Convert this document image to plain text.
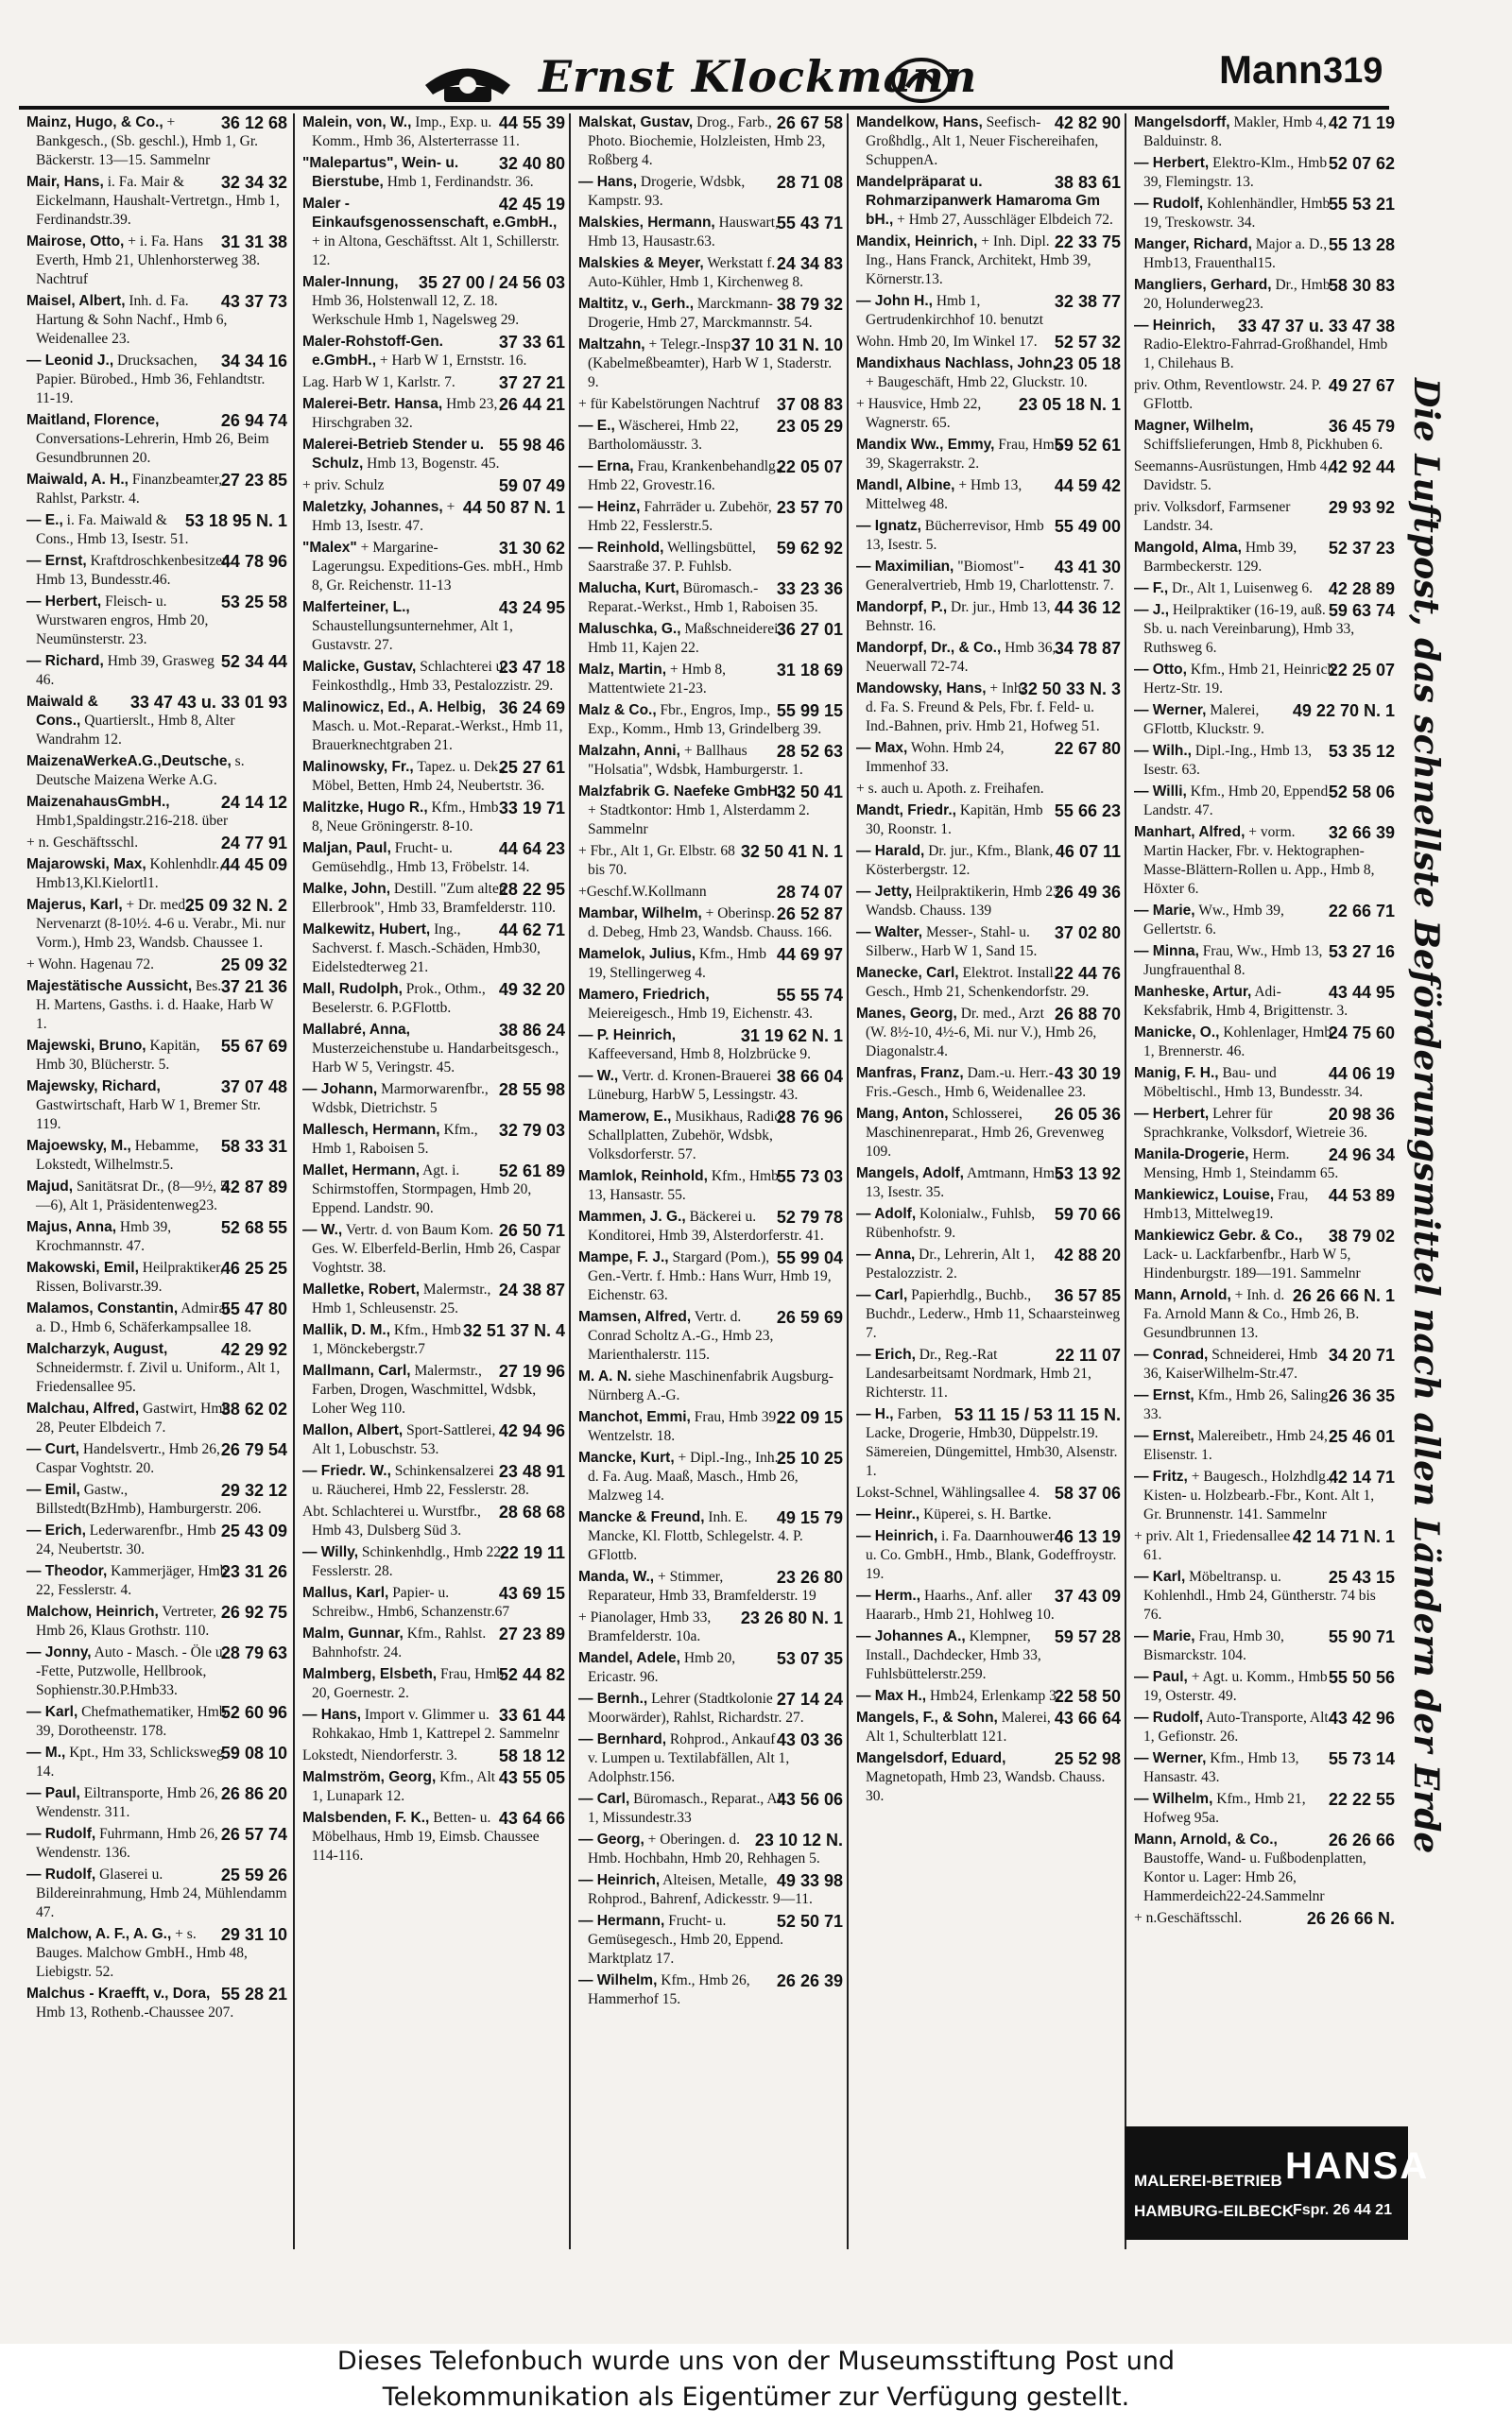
Ernst Klockmann	Mann 319

36 12 68
Mainz, Hugo, & Co., + Bankgesch., (Sb. geschl.), Hmb 1, Gr. Bäckerstr. 13—15. Sammelnr

32 34 32
Mair, Hans, i. Fa. Mair & Eickelmann, Haushalt-Vertretgn., Hmb 1, Ferdinandstr.39.

31 31 38
Mairose, Otto, + i. Fa. Hans Everth, Hmb 21, Uhlenhorsterweg 38. Nachtruf

43 37 73
Maisel, Albert, Inh. d. Fa. Hartung & Sohn Nachf., Hmb 6, Weidenallee 23.

34 34 16
— Leonid J., Drucksachen, Papier. Bürobed., Hmb 36, Fehlandtstr. 11-19.

26 94 74
Maitland, Florence, Conversations-Lehrerin, Hmb 26, Beim Gesundbrunnen 20.

27 23 85
Maiwald, A. H., Finanzbeamter, Rahlst, Parkstr. 4.

53 18 95 N. 1
— E., i. Fa. Maiwald & Cons., Hmb 13, Isestr. 51.

44 78 96
— Ernst, Kraftdroschkenbesitzer, Hmb 13, Bundesstr.46.

53 25 58
— Herbert, Fleisch- u. Wurstwaren engros, Hmb 20, Neumünsterstr. 23.

52 34 44
— Richard, Hmb 39, Grasweg 46.

33 47 43 u. 33 01 93
Maiwald & Cons., Quartierslt., Hmb 8, Alter Wandrahm 12.

MaizenaWerkeA.G.,Deutsche, s. Deutsche Maizena Werke A.G.

24 14 12
MaizenahausGmbH., Hmb1,Spaldingstr.216-218. über

24 77 91
+ n. Geschäftsschl.

44 45 09
Majarowski, Max, Kohlenhdlr., Hmb13,Kl.Kielortl1.

25 09 32 N. 2
Majerus, Karl, + Dr. med., Nervenarzt (8-10½. 4-6 u. Verabr., Mi. nur Vorm.), Hmb 23, Wandsb. Chaussee 1.

25 09 32
+ Wohn. Hagenau 72.

37 21 36
Majestätische Aussicht, Bes. H. Martens, Gasths. i. d. Haake, Harb W 1.

55 67 69
Majewski, Bruno, Kapitän, Hmb 30, Blücherstr. 5.

37 07 48
Majewsky, Richard, Gastwirtschaft, Harb W 1, Bremer Str. 119.

58 33 31
Majoewsky, M., Hebamme, Lokstedt, Wilhelmstr.5.

42 87 89
Majud, Sanitätsrat Dr., (8—9½, 5—6), Alt 1, Präsidentenweg23.

52 68 55
Majus, Anna, Hmb 39, Krochmannstr. 47.

46 25 25
Makowski, Emil, Heilpraktiker, Rissen, Bolivarstr.39.

55 47 80
Malamos, Constantin, Admiral a. D., Hmb 6, Schäferkampsallee 18.

42 29 92
Malcharzyk, August, Schneidermstr. f. Zivil u. Uniform., Alt 1, Friedensallee 95.

38 62 02
Malchau, Alfred, Gastwirt, Hmb 28, Peuter Elbdeich 7.

26 79 54
— Curt, Handelsvertr., Hmb 26, Caspar Voghtstr. 20.

29 32 12
— Emil, Gastw., Billstedt(BzHmb), Hamburgerstr. 206.

25 43 09
— Erich, Lederwarenfbr., Hmb 24, Neubertstr. 30.

23 31 26
— Theodor, Kammerjäger, Hmb 22, Fesslerstr. 4.

26 92 75
Malchow, Heinrich, Vertreter, Hmb 26, Klaus Grothstr. 110.

28 79 63
— Jonny, Auto - Masch. - Öle u. -Fette, Putzwolle, Hellbrook, Sophienstr.30.P.Hmb33.

52 60 96
— Karl, Chefmathematiker, Hmb 39, Dorotheenstr. 178.

59 08 10
— M., Kpt., Hm 33, Schlicksweg 14.

26 86 20
— Paul, Eiltransporte, Hmb 26, Wendenstr. 311.

26 57 74
— Rudolf, Fuhrmann, Hmb 26, Wendenstr. 136.

25 59 26
— Rudolf, Glaserei u. Bildereinrahmung, Hmb 24, Mühlendamm 47.

29 31 10
Malchow, A. F., A. G., + s. Bauges. Malchow GmbH., Hmb 48, Liebigstr. 52.

55 28 21
Malchus - Kraefft, v., Dora, Hmb 13, Rothenb.-Chaussee 207.

44 55 39
Malein, von, W., Imp., Exp. u. Komm., Hmb 36, Alsterterrasse 11.

32 40 80
"Malepartus", Wein- u. Bierstube, Hmb 1, Ferdinandstr. 36.

42 45 19
Maler - Einkaufsgenossenschaft, e.GmbH., + in Altona, Geschäftsst. Alt 1, Schillerstr. 12.

35 27 00 / 24 56 03
Maler-Innung, Hmb 36, Holstenwall 12, Z. 18. Werkschule Hmb 1, Nagelsweg 29.

37 33 61
Maler-Rohstoff-Gen. e.GmbH., + Harb W 1, Ernststr. 16.

37 27 21
Lag. Harb W 1, Karlstr. 7.

26 44 21
Malerei-Betr. Hansa, Hmb 23, Hirschgraben 32.

55 98 46
Malerei-Betrieb Stender u. Schulz, Hmb 13, Bogenstr. 45.

59 07 49
+ priv. Schulz

44 50 87 N. 1
Maletzky, Johannes, + Hmb 13, Isestr. 47.

31 30 62
"Malex" + Margarine-Lagerungsu. Expeditions-Ges. mbH., Hmb 8, Gr. Reichenstr. 11-13

43 24 95
Malferteiner, L., Schaustellungsunternehmer, Alt 1, Gustavstr. 27.

23 47 18
Malicke, Gustav, Schlachterei u. Feinkosthdlg., Hmb 33, Pestalozzistr. 29.

36 24 69
Malinowicz, Ed., A. Helbig, Masch. u. Mot.-Reparat.-Werkst., Hmb 11, Brauerknechtgraben 21.

25 27 61
Malinowsky, Fr., Tapez. u. Dek., Möbel, Betten, Hmb 24, Neubertstr. 36.

33 19 71
Malitzke, Hugo R., Kfm., Hmb 8, Neue Gröningerstr. 8-10.

44 64 23
Maljan, Paul, Frucht- u. Gemüsehdlg., Hmb 13, Fröbelstr. 14.

28 22 95
Malke, John, Destill. "Zum alten Ellerbrook", Hmb 33, Bramfelderstr. 110.

44 62 71
Malkewitz, Hubert, Ing., Sachverst. f. Masch.-Schäden, Hmb30, Eidelstedterweg 21.

49 32 20
Mall, Rudolph, Prok., Othm., Beselerstr. 6. P.GFlottb.

38 86 24
Mallabré, Anna, Musterzeichenstube u. Handarbeitsgesch., Harb W 5, Veringstr. 45.

28 55 98
— Johann, Marmorwarenfbr., Wdsbk, Dietrichstr. 5

32 79 03
Mallesch, Hermann, Kfm., Hmb 1, Raboisen 5.

52 61 89
Mallet, Hermann, Agt. i. Schirmstoffen, Stormpagen, Hmb 20, Eppend. Landstr. 90.

26 50 71
— W., Vertr. d. von Baum Kom. Ges. W. Elberfeld-Berlin, Hmb 26, Caspar Voghtstr. 38.

24 38 87
Malletke, Robert, Malermstr., Hmb 1, Schleusenstr. 25.

32 51 37 N. 4
Mallik, D. M., Kfm., Hmb 1, Mönckebergstr.7

27 19 96
Mallmann, Carl, Malermstr., Farben, Drogen, Waschmittel, Wdsbk, Loher Weg 110.

42 94 96
Mallon, Albert, Sport-Sattlerei, Alt 1, Lobuschstr. 53.

23 48 91
— Friedr. W., Schinkensalzerei u. Räucherei, Hmb 22, Fesslerstr. 28.

28 68 68
Abt. Schlachterei u. Wurstfbr., Hmb 43, Dulsberg Süd 3.

22 19 11
— Willy, Schinkenhdlg., Hmb 22, Fesslerstr. 28.

43 69 15
Mallus, Karl, Papier- u. Schreibw., Hmb6, Schanzenstr.67

27 23 89
Malm, Gunnar, Kfm., Rahlst. Bahnhofstr. 24.

52 44 82
Malmberg, Elsbeth, Frau, Hmb 20, Goernestr. 2.

33 61 44
— Hans, Import v. Glimmer u. Rohkakao, Hmb 1, Kattrepel 2. Sammelnr

58 18 12
Lokstedt, Niendorferstr. 3.

43 55 05
Malmström, Georg, Kfm., Alt 1, Lunapark 12.

43 64 66
Malsbenden, F. K., Betten- u. Möbelhaus, Hmb 19, Eimsb. Chaussee 114-116.

26 67 58
Malskat, Gustav, Drog., Farb., Photo. Biochemie, Holzleisten, Hmb 23, Roßberg 4.

28 71 08
— Hans, Drogerie, Wdsbk, Kampstr. 93.

55 43 71
Malskies, Hermann, Hauswart, Hmb 13, Hausastr.63.

24 34 83
Malskies & Meyer, Werkstatt f. Auto-Kühler, Hmb 1, Kirchenweg 8.

38 79 32
Maltitz, v., Gerh., Marckmann-Drogerie, Hmb 27, Marckmannstr. 54.

37 10 31 N. 10
Maltzahn, + Telegr.-Insp. (Kabelmeßbeamter), Harb W 1, Staderstr. 9.

37 08 83
+ für Kabelstörungen Nachtruf

23 05 29
— E., Wäscherei, Hmb 22, Bartholomäusstr. 3.

22 05 07
— Erna, Frau, Krankenbehandlg., Hmb 22, Grovestr.16.

23 57 70
— Heinz, Fahrräder u. Zubehör, Hmb 22, Fesslerstr.5.

59 62 92
— Reinhold, Wellingsbüttel, Saarstraße 37. P. Fuhlsb.

33 23 36
Malucha, Kurt, Büromasch.-Reparat.-Werkst., Hmb 1, Raboisen 35.

36 27 01
Maluschka, G., Maßschneiderei, Hmb 11, Kajen 22.

31 18 69
Malz, Martin, + Hmb 8, Mattentwiete 21-23.

55 99 15
Malz & Co., Fbr., Engros, Imp., Exp., Komm., Hmb 13, Grindelberg 39.

28 52 63
Malzahn, Anni, + Ballhaus "Holsatia", Wdsbk, Hamburgerstr. 1.

32 50 41
Malzfabrik G. Naefeke GmbH., + Stadtkontor: Hmb 1, Alsterdamm 2. Sammelnr

32 50 41 N. 1
+ Fbr., Alt 1, Gr. Elbstr. 68 bis 70.

28 74 07
+Geschf.W.Kollmann

26 52 87
Mambar, Wilhelm, + Oberinsp. d. Debeg, Hmb 23, Wandsb. Chauss. 166.

44 69 97
Mamelok, Julius, Kfm., Hmb 19, Stellingerweg 4.

55 55 74
Mamero, Friedrich, Meiereigesch., Hmb 19, Eichenstr. 43.

31 19 62 N. 1
— P. Heinrich, Kaffeeversand, Hmb 8, Holzbrücke 9.

38 66 04
— W., Vertr. d. Kronen-Brauerei Lüneburg, HarbW 5, Lessingstr. 43.

28 76 96
Mamerow, E., Musikhaus, Radio, Schallplatten, Zubehör, Wdsbk, Volksdorferstr. 57.

55 73 03
Mamlok, Reinhold, Kfm., Hmb 13, Hansastr. 55.

52 79 78
Mammen, J. G., Bäckerei u. Konditorei, Hmb 39, Alsterdorferstr. 41.

55 99 04
Mampe, F. J., Stargard (Pom.), Gen.-Vertr. f. Hmb.: Hans Wurr, Hmb 19, Eichenstr. 63.

26 59 69
Mamsen, Alfred, Vertr. d. Conrad Scholtz A.-G., Hmb 23, Marienthalerstr. 115.

M. A. N. siehe Maschinenfabrik Augsburg-Nürnberg A.-G.

22 09 15
Manchot, Emmi, Frau, Hmb 39, Wentzelstr. 18.

25 10 25
Mancke, Kurt, + Dipl.-Ing., Inh. d. Fa. Aug. Maaß, Masch., Hmb 26, Malzweg 14.

49 15 79
Mancke & Freund, Inh. E. Mancke, Kl. Flottb, Schlegelstr. 4. P. GFlottb.

23 26 80
Manda, W., + Stimmer, Reparateur, Hmb 33, Bramfelderstr. 19

23 26 80 N. 1
+ Pianolager, Hmb 33, Bramfelderstr. 10a.

53 07 35
Mandel, Adele, Hmb 20, Ericastr. 96.

27 14 24
— Bernh., Lehrer (Stadtkolonie Moorwärder), Rahlst, Richardstr. 27.

43 03 36
— Bernhard, Rohprod., Ankauf v. Lumpen u. Textilabfällen, Alt 1, Adolphstr.156.

43 56 06
— Carl, Büromasch., Reparat., Alt 1, Missundestr.33

23 10 12 N.
— Georg, + Oberingen. d. Hmb. Hochbahn, Hmb 20, Rehhagen 5.

49 33 98
— Heinrich, Alteisen, Metalle, Rohprod., Bahrenf, Adickesstr. 9—11.

52 50 71
— Hermann, Frucht- u. Gemüsegesch., Hmb 20, Eppend. Marktplatz 17.

26 26 39
— Wilhelm, Kfm., Hmb 26, Hammerhof 15.

42 82 90
Mandelkow, Hans, Seefisch-Großhdlg., Alt 1, Neuer Fischereihafen, SchuppenA.

38 83 61
Mandelpräparat u. Rohmarzipanwerk Hamaroma Gm bH., + Hmb 27, Ausschläger Elbdeich 72.

22 33 75
Mandix, Heinrich, + Inh. Dipl. Ing., Hans Franck, Architekt, Hmb 39, Körnerstr.13.

32 38 77
— John H., Hmb 1, Gertrudenkirchhof 10. benutzt

52 57 32
Wohn. Hmb 20, Im Winkel 17.

23 05 18
Mandixhaus Nachlass, John, + Baugeschäft, Hmb 22, Gluckstr. 10.

23 05 18 N. 1
+ Hausvice, Hmb 22, Wagnerstr. 65.

59 52 61
Mandix Ww., Emmy, Frau, Hmb 39, Skagerrakstr. 2.

44 59 42
Mandl, Albine, + Hmb 13, Mittelweg 48.

55 49 00
— Ignatz, Bücherrevisor, Hmb 13, Isestr. 5.

43 41 30
— Maximilian, "Biomost"-Generalvertrieb, Hmb 19, Charlottenstr. 7.

44 36 12
Mandorpf, P., Dr. jur., Hmb 13, Behnstr. 16.

34 78 87
Mandorpf, Dr., & Co., Hmb 36, Neuerwall 72-74.

32 50 33 N. 3
Mandowsky, Hans, + Inh. d. Fa. S. Freund & Pels, Fbr. f. Feld- u. Ind.-Bahnen, priv. Hmb 21, Hofweg 51.

22 67 80
— Max, Wohn. Hmb 24, Immenhof 33.

+ s. auch u. Apoth. z. Freihafen.

55 66 23
Mandt, Friedr., Kapitän, Hmb 30, Roonstr. 1.

46 07 11
— Harald, Dr. jur., Kfm., Blank, Kösterbergstr. 12.

26 49 36
— Jetty, Heilpraktikerin, Hmb 23, Wandsb. Chauss. 139

37 02 80
— Walter, Messer-, Stahl- u. Silberw., Harb W 1, Sand 15.

22 44 76
Manecke, Carl, Elektrot. Install.-Gesch., Hmb 21, Schenkendorfstr. 29.

26 88 70
Manes, Georg, Dr. med., Arzt (W. 8½-10, 4½-6, Mi. nur V.), Hmb 26, Diagonalstr.4.

43 30 19
Manfras, Franz, Dam.-u. Herr.-Fris.-Gesch., Hmb 6, Weidenallee 23.

26 05 36
Mang, Anton, Schlosserei, Maschinenreparat., Hmb 26, Grevenweg 109.

53 13 92
Mangels, Adolf, Amtmann, Hmb 13, Isestr. 35.

59 70 66
— Adolf, Kolonialw., Fuhlsb, Rübenhofstr. 9.

42 88 20
— Anna, Dr., Lehrerin, Alt 1, Pestalozzistr. 2.

36 57 85
— Carl, Papierhdlg., Buchb., Buchdr., Lederw., Hmb 11, Schaarsteinweg 7.

22 11 07
— Erich, Dr., Reg.-Rat Landesarbeitsamt Nordmark, Hmb 21, Richterstr. 11.

53 11 15 / 53 11 15 N.
— H., Farben, Lacke, Drogerie, Hmb30, Düppelstr.19. Sämereien, Düngemittel, Hmb30, Alsenstr. 1.

58 37 06
Lokst-Schnel, Wählingsallee 4.

— Heinr., Küperei, s. H. Bartke.

46 13 19
— Heinrich, i. Fa. Daarnhouwer u. Co. GmbH., Hmb., Blank, Godeffroystr. 19.

37 43 09
— Herm., Haarhs., Anf. aller Haararb., Hmb 21, Hohlweg 10.

59 57 28
— Johannes A., Klempner, Install., Dachdecker, Hmb 33, Fuhlsbüttelerstr.259.

22 58 50
— Max H., Hmb24, Erlenkamp 3.

43 66 64
Mangels, F., & Sohn, Malerei, Alt 1, Schulterblatt 121.

25 52 98
Mangelsdorf, Eduard, Magnetopath, Hmb 23, Wandsb. Chauss. 30.

42 71 19
Mangelsdorff, Makler, Hmb 4, Balduinstr. 8.

52 07 62
— Herbert, Elektro-Klm., Hmb 39, Flemingstr. 13.

55 53 21
— Rudolf, Kohlenhändler, Hmb 19, Treskowstr. 34.

55 13 28
Manger, Richard, Major a. D., Hmb13, Frauenthal15.

58 30 83
Mangliers, Gerhard, Dr., Hmb 20, Holunderweg23.

33 47 37 u. 33 47 38
— Heinrich, Radio-Elektro-Fahrrad-Großhandel, Hmb 1, Chilehaus B.

49 27 67
priv. Othm, Reventlowstr. 24. P. GFlottb.

36 45 79
Magner, Wilhelm, Schiffslieferungen, Hmb 8, Pickhuben 6.

42 92 44
Seemanns-Ausrüstungen, Hmb 4, Davidstr. 5.

29 93 92
priv. Volksdorf, Farmsener Landstr. 34.

52 37 23
Mangold, Alma, Hmb 39, Barmbeckerstr. 129.

42 28 89
— F., Dr., Alt 1, Luisenweg 6.

59 63 74
— J., Heilpraktiker (16-19, auß. Sb. u. nach Vereinbarung), Hmb 33, Ruthsweg 6.

22 25 07
— Otto, Kfm., Hmb 21, Heinrich Hertz-Str. 19.

49 22 70 N. 1
— Werner, Malerei, GFlottb, Kluckstr. 9.

53 35 12
— Wilh., Dipl.-Ing., Hmb 13, Isestr. 63.

52 58 06
— Willi, Kfm., Hmb 20, Eppend. Landstr. 47.

32 66 39
Manhart, Alfred, + vorm. Martin Hacker, Fbr. v. Hektographen-Masse-Blättern-Rollen u. App., Hmb 8, Höxter 6.

22 66 71
— Marie, Ww., Hmb 39, Gellertstr. 6.

53 27 16
— Minna, Frau, Ww., Hmb 13, Jungfrauenthal 8.

43 44 95
Manheske, Artur, Adi-Keksfabrik, Hmb 4, Brigittenstr. 3.

24 75 60
Manicke, O., Kohlenlager, Hmb 1, Brennerstr. 46.

44 06 19
Manig, F. H., Bau- und Möbeltischl., Hmb 13, Bundesstr. 34.

20 98 36
— Herbert, Lehrer für Sprachkranke, Volksdorf, Wietreie 36.

24 96 34
Manila-Drogerie, Herm. Mensing, Hmb 1, Steindamm 65.

44 53 89
Mankiewicz, Louise, Frau, Hmb13, Mittelweg19.

38 79 02
Mankiewicz Gebr. & Co., Lack- u. Lackfarbenfbr., Harb W 5, Hindenburgstr. 189—191. Sammelnr

26 26 66 N. 1
Mann, Arnold, + Inh. d. Fa. Arnold Mann & Co., Hmb 26, B. Gesundbrunnen 13.

34 20 71
— Conrad, Schneiderei, Hmb 36, KaiserWilhelm-Str.47.

26 36 35
— Ernst, Kfm., Hmb 26, Saling 33.

25 46 01
— Ernst, Malereibetr., Hmb 24, Elisenstr. 1.

42 14 71
— Fritz, + Baugesch., Holzhdlg., Kisten- u. Holzbearb.-Fbr., Kont. Alt 1, Gr. Brunnenstr. 141. Sammelnr

42 14 71 N. 1
+ priv. Alt 1, Friedensallee 61.

25 43 15
— Karl, Möbeltransp. u. Kohlenhdl., Hmb 24, Güntherstr. 74 bis 76.

55 90 71
— Marie, Frau, Hmb 30, Bismarckstr. 104.

55 50 56
— Paul, + Agt. u. Komm., Hmb 19, Osterstr. 49.

43 42 96
— Rudolf, Auto-Transporte, Alt 1, Gefionstr. 26.

55 73 14
— Werner, Kfm., Hmb 13, Hansastr. 43.

22 22 55
— Wilhelm, Kfm., Hmb 21, Hofweg 95a.

26 26 66
Mann, Arnold, & Co., Baustoffe, Wand- u. Fußbodenplatten, Kontor u. Lager: Hmb 26, Hammerdeich22-24.Sammelnr

26 26 66 N.
+ n.Geschäftsschl.

Die Luftpost, das schnellste Beförderungsmittel nach allen Ländern der Erde
MALEREI-BETRIEB
HAMBURG-EILBECK
HANSA
Fspr. 26 44 21
Dieses Telefonbuch wurde uns von der Museumsstiftung Post und
Telekommunikation als Eigentümer zur Verfügung gestellt.
